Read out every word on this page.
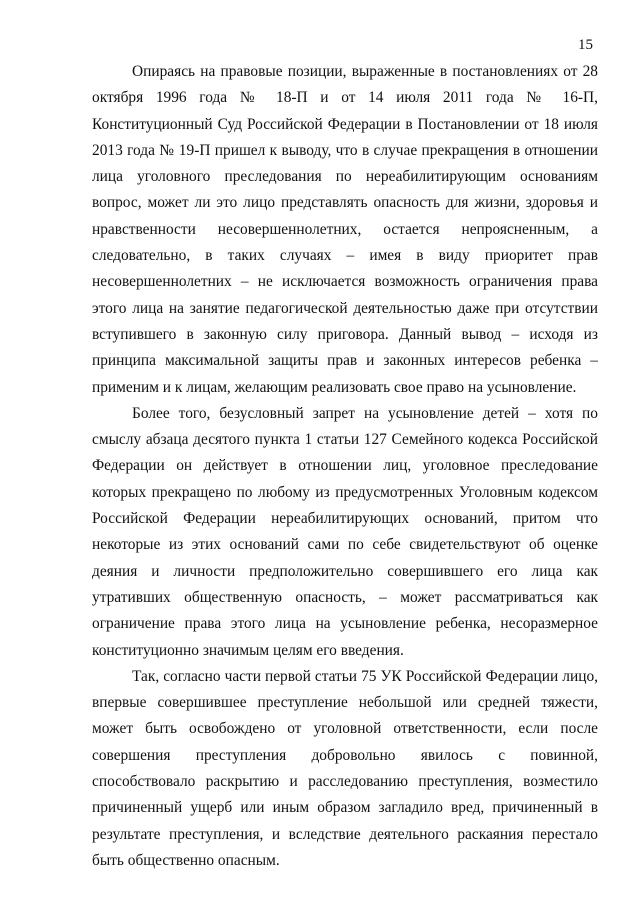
15

Опираясь на правовые позиции, выраженные в постановлениях от 28 октября 1996 года № 18-П и от 14 июля 2011 года № 16-П, Конституционный Суд Российской Федерации в Постановлении от 18 июля 2013 года № 19-П пришел к выводу, что в случае прекращения в отношении лица уголовного преследования по нереабилитирующим основаниям вопрос, может ли это лицо представлять опасность для жизни, здоровья и нравственности несовершеннолетних, остается непроясненным, а следовательно, в таких случаях – имея в виду приоритет прав несовершеннолетних – не исключается возможность ограничения права этого лица на занятие педагогической деятельностью даже при отсутствии вступившего в законную силу приговора. Данный вывод – исходя из принципа максимальной защиты прав и законных интересов ребенка – применим и к лицам, желающим реализовать свое право на усыновление.

Более того, безусловный запрет на усыновление детей – хотя по смыслу абзаца десятого пункта 1 статьи 127 Семейного кодекса Российской Федерации он действует в отношении лиц, уголовное преследование которых прекращено по любому из предусмотренных Уголовным кодексом Российской Федерации нереабилитирующих оснований, притом что некоторые из этих оснований сами по себе свидетельствуют об оценке деяния и личности предположительно совершившего его лица как утративших общественную опасность, – может рассматриваться как ограничение права этого лица на усыновление ребенка, несоразмерное конституционно значимым целям его введения.

Так, согласно части первой статьи 75 УК Российской Федерации лицо, впервые совершившее преступление небольшой или средней тяжести, может быть освобождено от уголовной ответственности, если после совершения преступления добровольно явилось с повинной, способствовало раскрытию и расследованию преступления, возместило причиненный ущерб или иным образом загладило вред, причиненный в результате преступления, и вследствие деятельного раскаяния перестало быть общественно опасным.
